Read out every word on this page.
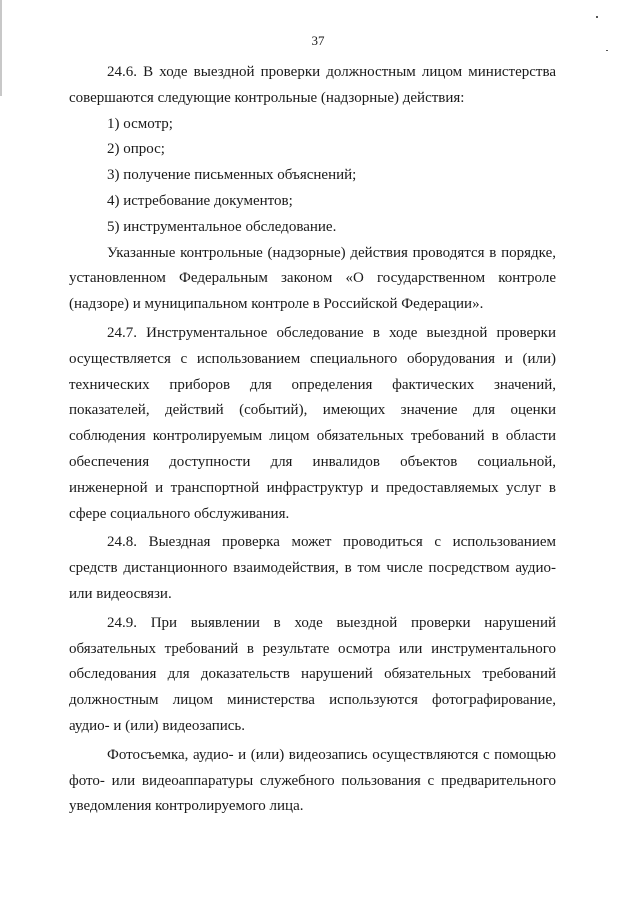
37

24.6. В ходе выездной проверки должностным лицом министерства совершаются следующие контрольные (надзорные) действия:

1) осмотр;

2) опрос;

3) получение письменных объяснений;

4) истребование документов;

5) инструментальное обследование.

Указанные контрольные (надзорные) действия проводятся в порядке, установленном Федеральным законом «О государственном контроле (надзоре) и муниципальном контроле в Российской Федерации».

24.7. Инструментальное обследование в ходе выездной проверки осуществляется с использованием специального оборудования и (или) технических приборов для определения фактических значений, показателей, действий (событий), имеющих значение для оценки соблюдения контролируемым лицом обязательных требований в области обеспечения доступности для инвалидов объектов социальной, инженерной и транспортной инфраструктур и предоставляемых услуг в сфере социального обслуживания.

24.8. Выездная проверка может проводиться с использованием средств дистанционного взаимодействия, в том числе посредством аудио- или видеосвязи.

24.9. При выявлении в ходе выездной проверки нарушений обязательных требований в результате осмотра или инструментального обследования для доказательств нарушений обязательных требований должностным лицом министерства используются фотографирование, аудио- и (или) видеозапись.

Фотосъемка, аудио- и (или) видеозапись осуществляются с помощью фото- или видеоаппаратуры служебного пользования с предварительного уведомления контролируемого лица.
